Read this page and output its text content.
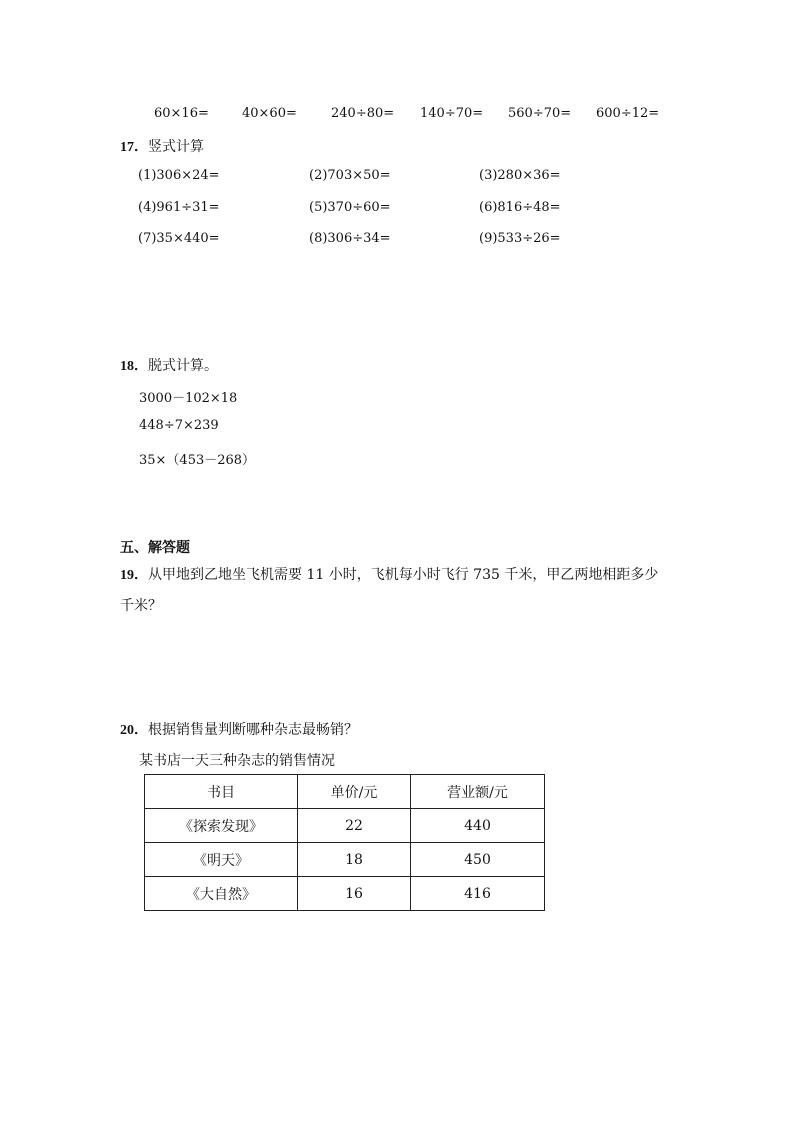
60×16=	40×60=	240÷80= 140÷70= 560÷70= 600÷12=
17．竖式计算
(1)306×24=	(2)703×50=	(3)280×36=
(4)961÷31=	(5)370÷60=	(6)816÷48=
(7)35×440=	(8)306÷34=	(9)533÷26=
18．脱式计算。
3000－102×18
448÷7×239
35×（453－268）
五、解答题
19．从甲地到乙地坐飞机需要 11 小时，飞机每小时飞行 735 千米，甲乙两地相距多少
千米？
20．根据销售量判断哪种杂志最畅销？
某书店一天三种杂志的销售情况
书目	单价/元	营业额/元
《探索发现》	22	440
《明天》	18	450
《大自然》	16	416
